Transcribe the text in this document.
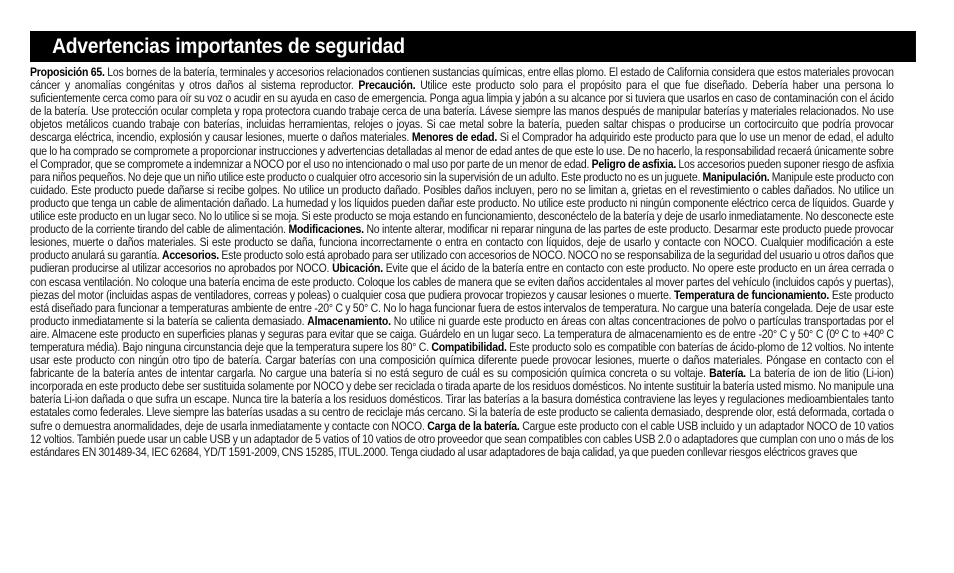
Advertencias importantes de seguridad
Proposición 65. Los bornes de la batería, terminales y accesorios relacionados contienen sustancias químicas, entre ellas plomo. El estado de California considera que estos materiales provocan cáncer y anomalías congénitas y otros daños al sistema reproductor. Precaución. Utilice este producto solo para el propósito para el que fue diseñado. Debería haber una persona lo suficientemente cerca como para oír su voz o acudir en su ayuda en caso de emergencia. Ponga agua limpia y jabón a su alcance por si tuviera que usarlos en caso de contaminación con el ácido de la batería. Use protección ocular completa y ropa protectora cuando trabaje cerca de una batería. Lávese siempre las manos después de manipular baterías y materiales relacionados. No use objetos metálicos cuando trabaje con baterías, incluidas herramientas, relojes o joyas. Si cae metal sobre la batería, pueden saltar chispas o producirse un cortocircuito que podría provocar descarga eléctrica, incendio, explosión y causar lesiones, muerte o daños materiales. Menores de edad. Si el Comprador ha adquirido este producto para que lo use un menor de edad, el adulto que lo ha comprado se compromete a proporcionar instrucciones y advertencias detalladas al menor de edad antes de que este lo use. De no hacerlo, la responsabilidad recaerá únicamente sobre el Comprador, que se compromete a indemnizar a NOCO por el uso no intencionado o mal uso por parte de un menor de edad. Peligro de asfixia. Los accesorios pueden suponer riesgo de asfixia para niños pequeños. No deje que un niño utilice este producto o cualquier otro accesorio sin la supervisión de un adulto. Este producto no es un juguete. Manipulación. Manipule este producto con cuidado. Este producto puede dañarse si recibe golpes. No utilice un producto dañado. Posibles daños incluyen, pero no se limitan a, grietas en el revestimiento o cables dañados. No utilice un producto que tenga un cable de alimentación dañado. La humedad y los líquidos pueden dañar este producto. No utilice este producto ni ningún componente eléctrico cerca de líquidos. Guarde y utilice este producto en un lugar seco. No lo utilice si se moja. Si este producto se moja estando en funcionamiento, desconéctelo de la batería y deje de usarlo inmediatamente. No desconecte este producto de la corriente tirando del cable de alimentación. Modificaciones. No intente alterar, modificar ni reparar ninguna de las partes de este producto. Desarmar este producto puede provocar lesiones, muerte o daños materiales. Si este producto se daña, funciona incorrectamente o entra en contacto con líquidos, deje de usarlo y contacte con NOCO. Cualquier modificación a este producto anulará su garantía. Accesorios. Este producto solo está aprobado para ser utilizado con accesorios de NOCO. NOCO no se responsabiliza de la seguridad del usuario u otros daños que pudieran producirse al utilizar accesorios no aprobados por NOCO. Ubicación. Evite que el ácido de la batería entre en contacto con este producto. No opere este producto en un área cerrada o con escasa ventilación. No coloque una batería encima de este producto. Coloque los cables de manera que se eviten daños accidentales al mover partes del vehículo (incluidos capós y puertas), piezas del motor (incluidas aspas de ventiladores, correas y poleas) o cualquier cosa que pudiera provocar tropiezos y causar lesiones o muerte. Temperatura de funcionamiento. Este producto está diseñado para funcionar a temperaturas ambiente de entre -20° C y 50° C. No lo haga funcionar fuera de estos intervalos de temperatura. No cargue una batería congelada. Deje de usar este producto inmediatamente si la batería se calienta demasiado. Almacenamiento. No utilice ni guarde este producto en áreas con altas concentraciones de polvo o partículas transportadas por el aire. Almacene este producto en superficies planas y seguras para evitar que se caiga. Guárdelo en un lugar seco. La temperatura de almacenamiento es de entre -20° C y 50° C (0º C to +40º C temperatura média). Bajo ninguna circunstancia deje que la temperatura supere los 80° C. Compatibilidad. Este producto solo es compatible con baterías de ácido-plomo de 12 voltios. No intente usar este producto con ningún otro tipo de batería. Cargar baterías con una composición química diferente puede provocar lesiones, muerte o daños materiales. Póngase en contacto con el fabricante de la batería antes de intentar cargarla. No cargue una batería si no está seguro de cuál es su composición química concreta o su voltaje. Batería. La batería de ion de litio (Li-ion) incorporada en este producto debe ser sustituida solamente por NOCO y debe ser reciclada o tirada aparte de los residuos domésticos. No intente sustituir la batería usted mismo. No manipule una batería Li-ion dañada o que sufra un escape. Nunca tire la batería a los residuos domésticos. Tirar las baterías a la basura doméstica contraviene las leyes y regulaciones medioambientales tanto estatales como federales. Lleve siempre las baterías usadas a su centro de reciclaje más cercano. Si la batería de este producto se calienta demasiado, desprende olor, está deformada, cortada o sufre o demuestra anormalidades, deje de usarla inmediatamente y contacte con NOCO. Carga de la batería. Cargue este producto con el cable USB incluido y un adaptador NOCO de 10 vatios 12 voltios. También puede usar un cable USB y un adaptador de 5 vatios of 10 vatios de otro proveedor que sean compatibles con cables USB 2.0 o adaptadores que cumplan con uno o más de los estándares EN 301489-34, IEC 62684, YD/T 1591-2009, CNS 15285, ITUL.2000. Tenga ciudado al usar adaptadores de baja calidad, ya que pueden conllevar riesgos eléctricos graves que
